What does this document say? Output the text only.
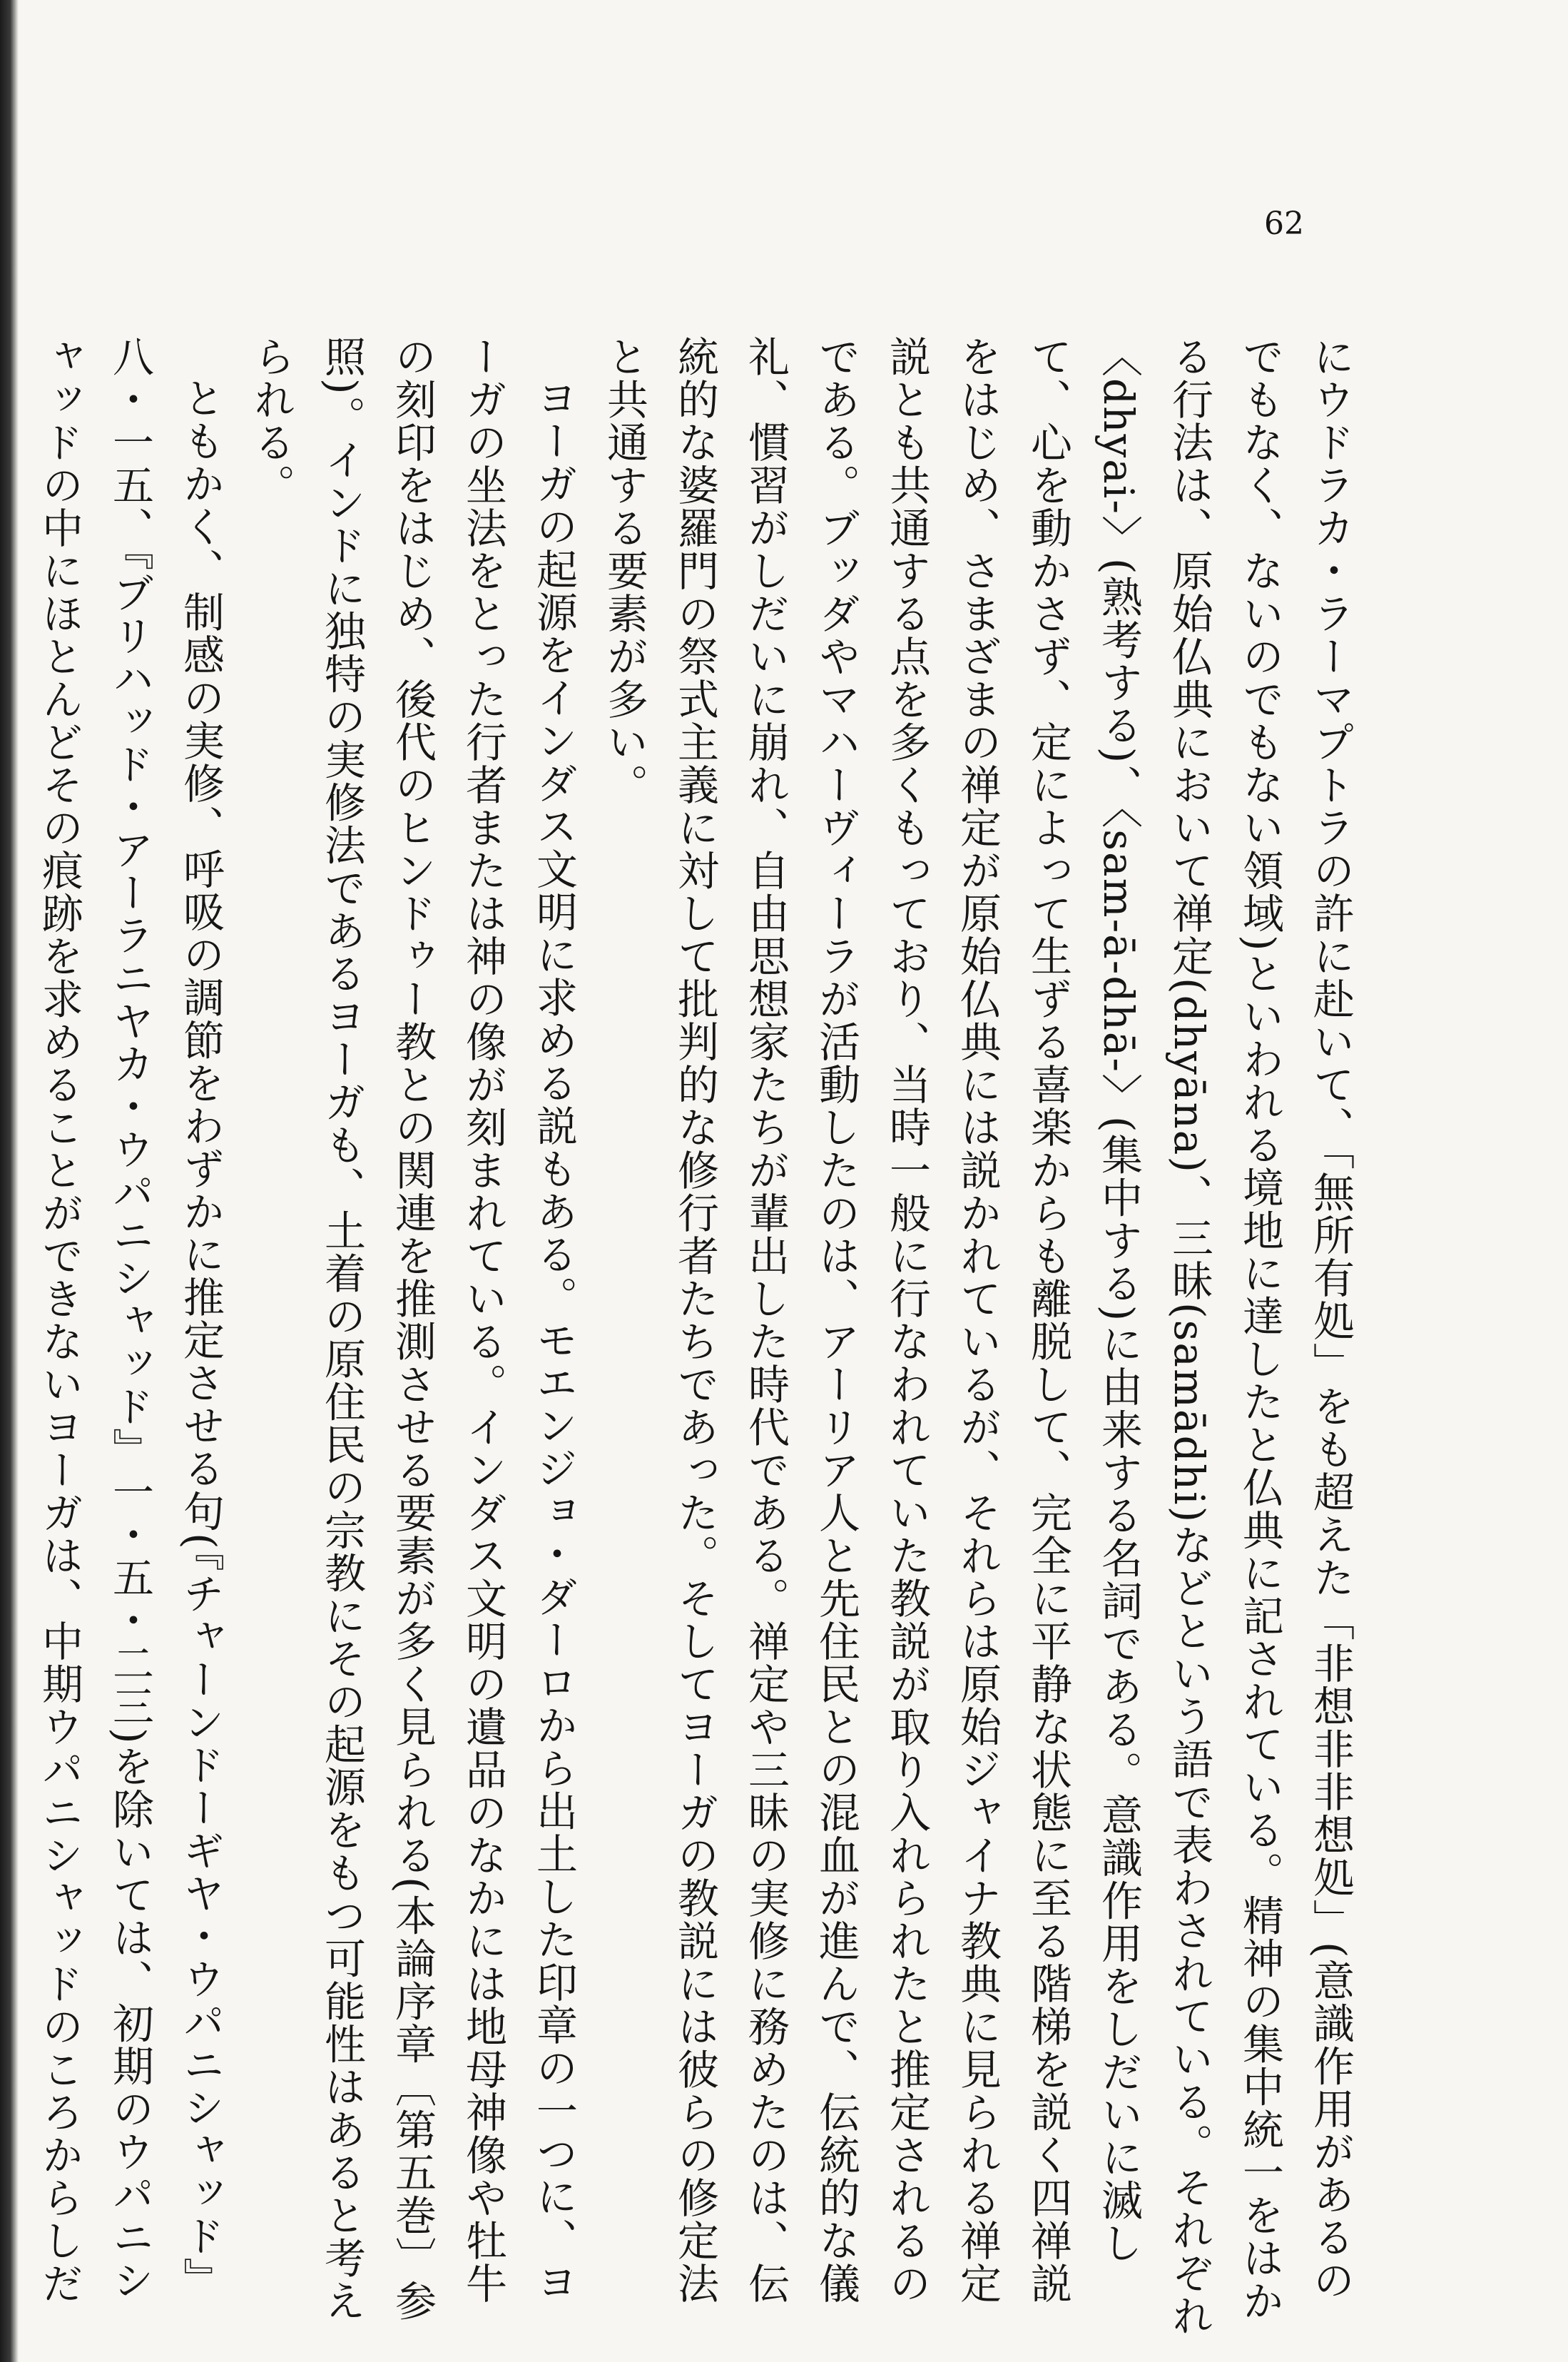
62

にウドラカ・ラーマプトラの許に赴いて、「無所有処」をも超えた「非想非非想処」(意識作用があるのでもなく、ないのでもない領域)といわれる境地に達したと仏典に記されている。精神の集中統一をはかる行法は、原始仏典において禅定(dhyāna)、三昧(samādhi)などという語で表わされている。それぞれ〈dhyai-〉(熟考する)、〈sam-ā-dhā-〉(集中する)に由来する名詞である。意識作用をしだいに滅して、心を動かさず、定によって生ずる喜楽からも離脱して、完全に平静な状態に至る階梯を説く四禅説をはじめ、さまざまの禅定が原始仏典には説かれているが、それらは原始ジャイナ教典に見られる禅定説とも共通する点を多くもっており、当時一般に行なわれていた教説が取り入れられたと推定されるのである。ブッダやマハーヴィーラが活動したのは、アーリア人と先住民との混血が進んで、伝統的な儀礼、慣習がしだいに崩れ、自由思想家たちが輩出した時代である。禅定や三昧の実修に務めたのは、伝統的な婆羅門の祭式主義に対して批判的な修行者たちであった。そしてヨーガの教説には彼らの修定法と共通する要素が多い。

ヨーガの起源をインダス文明に求める説もある。モエンジョ・ダーロから出土した印章の一つに、ヨーガの坐法をとった行者または神の像が刻まれている。インダス文明の遺品のなかには地母神像や牡牛の刻印をはじめ、後代のヒンドゥー教との関連を推測させる要素が多く見られる(本論序章〔第五巻〕参照)。インドに独特の実修法であるヨーガも、土着の原住民の宗教にその起源をもつ可能性はあると考えられる。

ともかく、制感の実修、呼吸の調節をわずかに推定させる句(『チャーンドーギヤ・ウパニシャッド』八・一五、『ブリハッド・アーラニヤカ・ウパニシャッド』一・五・二三)を除いては、初期のウパニシャッドの中にほとんどその痕跡を求めることができないヨーガは、中期ウパニシャッドのころからしだ
